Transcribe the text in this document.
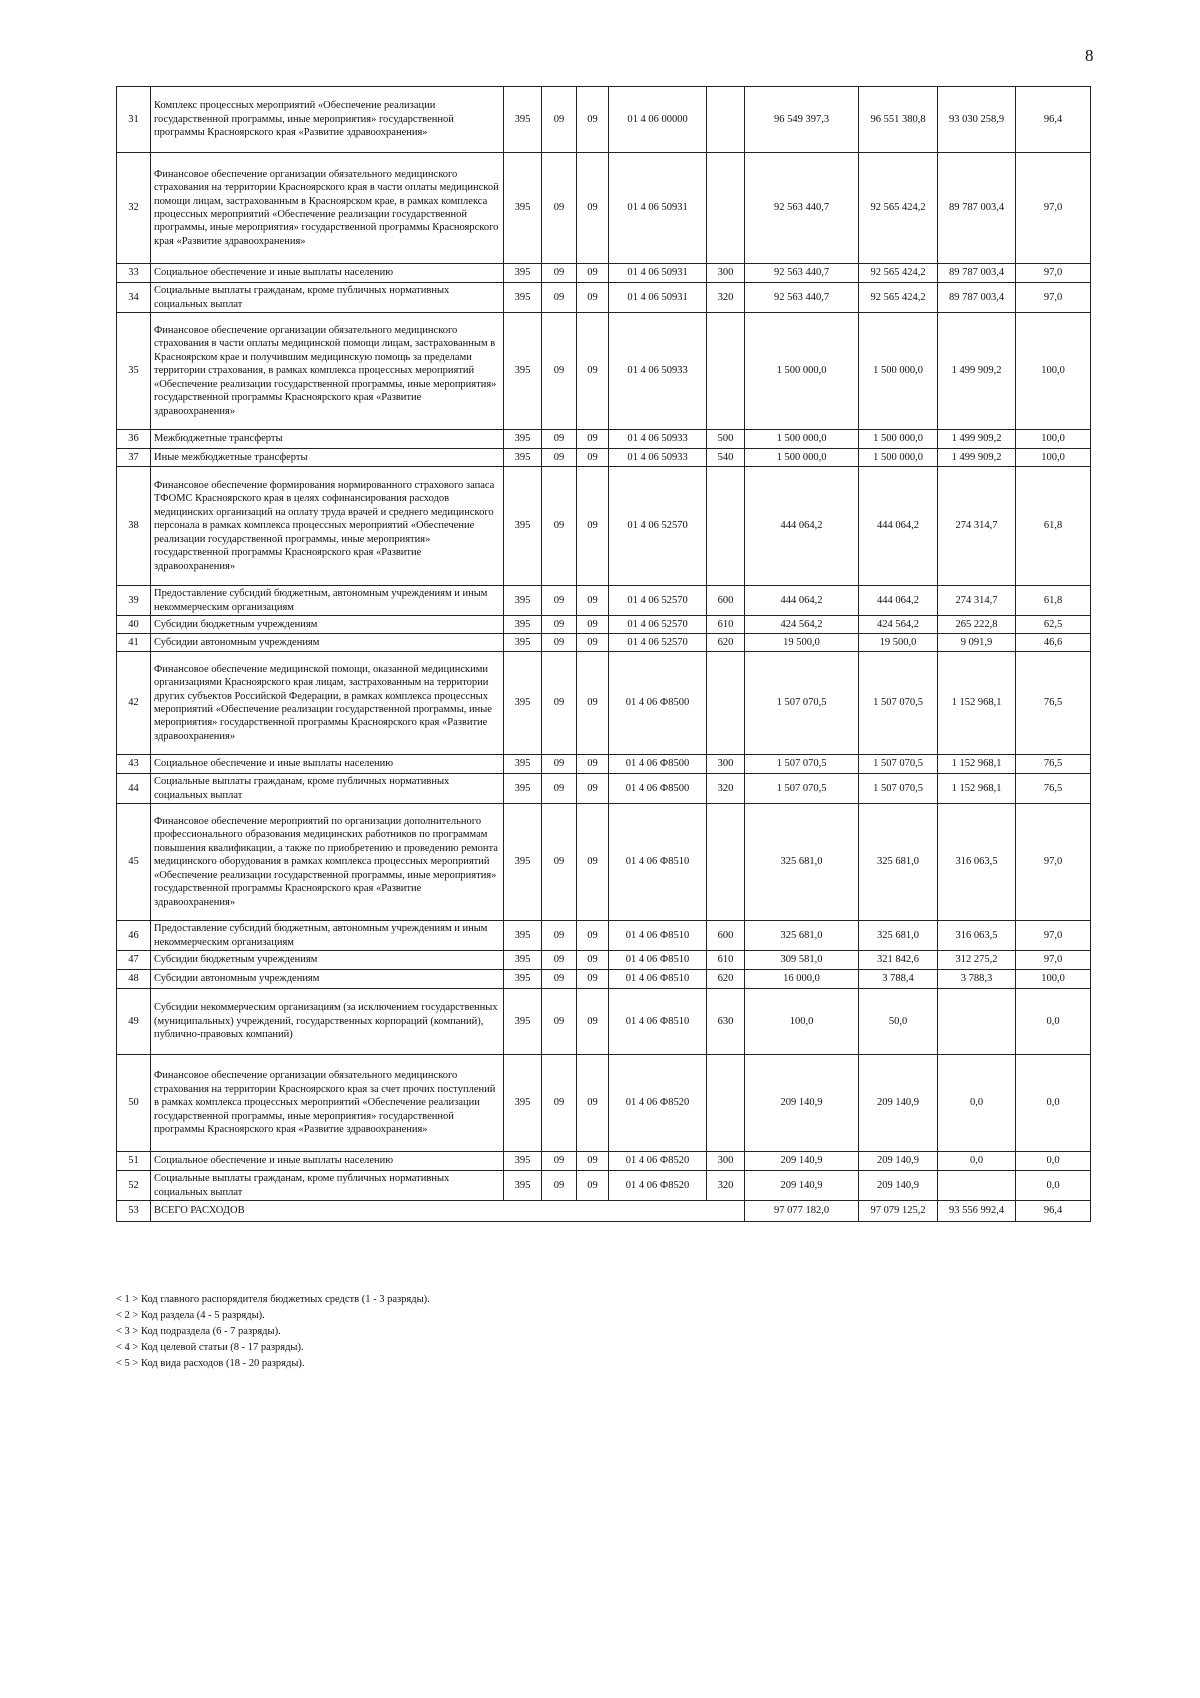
8
31	Комплекс процессных мероприятий «Обеспечение реализации государственной программы, иные мероприятия» государственной программы Красноярского края «Развитие здравоохранения»	395	09	09	01 4 06 00000		96 549 397,3	96 551 380,8	93 030 258,9	96,4
32	Финансовое обеспечение организации обязательного медицинского страхования на территории Красноярского края в части оплаты медицинской помощи лицам, застрахованным в Красноярском крае, в рамках комплекса процессных мероприятий «Обеспечение реализации государственной программы, иные мероприятия» государственной программы Красноярского края «Развитие здравоохранения»	395	09	09	01 4 06 50931		92 563 440,7	92 565 424,2	89 787 003,4	97,0
33	Социальное обеспечение и иные выплаты населению	395	09	09	01 4 06 50931	300	92 563 440,7	92 565 424,2	89 787 003,4	97,0
34	Социальные выплаты гражданам, кроме публичных нормативных социальных выплат	395	09	09	01 4 06 50931	320	92 563 440,7	92 565 424,2	89 787 003,4	97,0
35	Финансовое обеспечение организации обязательного медицинского страхования в части оплаты медицинской помощи лицам, застрахованным в Красноярском крае и получившим медицинскую помощь за пределами территории страхования, в рамках комплекса процессных мероприятий «Обеспечение реализации государственной программы, иные мероприятия» государственной программы Красноярского края «Развитие здравоохранения»	395	09	09	01 4 06 50933		1 500 000,0	1 500 000,0	1 499 909,2	100,0
36	Межбюджетные трансферты	395	09	09	01 4 06 50933	500	1 500 000,0	1 500 000,0	1 499 909,2	100,0
37	Иные межбюджетные трансферты	395	09	09	01 4 06 50933	540	1 500 000,0	1 500 000,0	1 499 909,2	100,0
38	Финансовое обеспечение формирования нормированного страхового запаса ТФОМС Красноярского края в целях софинансирования расходов медицинских организаций на оплату труда врачей и среднего медицинского персонала в рамках комплекса процессных мероприятий «Обеспечение реализации государственной программы, иные мероприятия» государственной программы Красноярского края «Развитие здравоохранения»	395	09	09	01 4 06 52570		444 064,2	444 064,2	274 314,7	61,8
39	Предоставление субсидий бюджетным, автономным учреждениям и иным некоммерческим организациям	395	09	09	01 4 06 52570	600	444 064,2	444 064,2	274 314,7	61,8
40	Субсидии бюджетным учреждениям	395	09	09	01 4 06 52570	610	424 564,2	424 564,2	265 222,8	62,5
41	Субсидии автономным учреждениям	395	09	09	01 4 06 52570	620	19 500,0	19 500,0	9 091,9	46,6
42	Финансовое обеспечение медицинской помощи, оказанной медицинскими организациями Красноярского края лицам, застрахованным на территории других субъектов Российской Федерации, в рамках комплекса процессных мероприятий «Обеспечение реализации государственной программы, иные мероприятия» государственной программы Красноярского края «Развитие здравоохранения»	395	09	09	01 4 06 Ф8500		1 507 070,5	1 507 070,5	1 152 968,1	76,5
43	Социальное обеспечение и иные выплаты населению	395	09	09	01 4 06 Ф8500	300	1 507 070,5	1 507 070,5	1 152 968,1	76,5
44	Социальные выплаты гражданам, кроме публичных нормативных социальных выплат	395	09	09	01 4 06 Ф8500	320	1 507 070,5	1 507 070,5	1 152 968,1	76,5
45	Финансовое обеспечение мероприятий по организации дополнительного профессионального образования медицинских работников по программам повышения квалификации, а также по приобретению и проведению ремонта медицинского оборудования в рамках комплекса процессных мероприятий «Обеспечение реализации государственной программы, иные мероприятия» государственной программы Красноярского края «Развитие здравоохранения»	395	09	09	01 4 06 Ф8510		325 681,0	325 681,0	316 063,5	97,0
46	Предоставление субсидий бюджетным, автономным учреждениям и иным некоммерческим организациям	395	09	09	01 4 06 Ф8510	600	325 681,0	325 681,0	316 063,5	97,0
47	Субсидии бюджетным учреждениям	395	09	09	01 4 06 Ф8510	610	309 581,0	321 842,6	312 275,2	97,0
48	Субсидии автономным учреждениям	395	09	09	01 4 06 Ф8510	620	16 000,0	3 788,4	3 788,3	100,0
49	Субсидии некоммерческим организациям (за исключением государственных (муниципальных) учреждений, государственных корпораций (компаний), публично-правовых компаний)	395	09	09	01 4 06 Ф8510	630	100,0	50,0		0,0
50	Финансовое обеспечение организации обязательного медицинского страхования на территории Красноярского края за счет прочих поступлений в рамках комплекса процессных мероприятий «Обеспечение реализации государственной программы, иные мероприятия» государственной программы Красноярского края «Развитие здравоохранения»	395	09	09	01 4 06 Ф8520		209 140,9	209 140,9	0,0	0,0
51	Социальное обеспечение и иные выплаты населению	395	09	09	01 4 06 Ф8520	300	209 140,9	209 140,9	0,0	0,0
52	Социальные выплаты гражданам, кроме публичных нормативных социальных выплат	395	09	09	01 4 06 Ф8520	320	209 140,9	209 140,9		0,0
53	ВСЕГО РАСХОДОВ						97 077 182,0	97 079 125,2	93 556 992,4	96,4
< 1 > Код главного распорядителя бюджетных средств (1 - 3 разряды).
< 2 > Код раздела (4 - 5 разряды).
< 3 > Код подраздела (6 - 7 разряды).
< 4 > Код целевой статьи (8 - 17 разряды).
< 5 > Код вида расходов (18 - 20 разряды).
